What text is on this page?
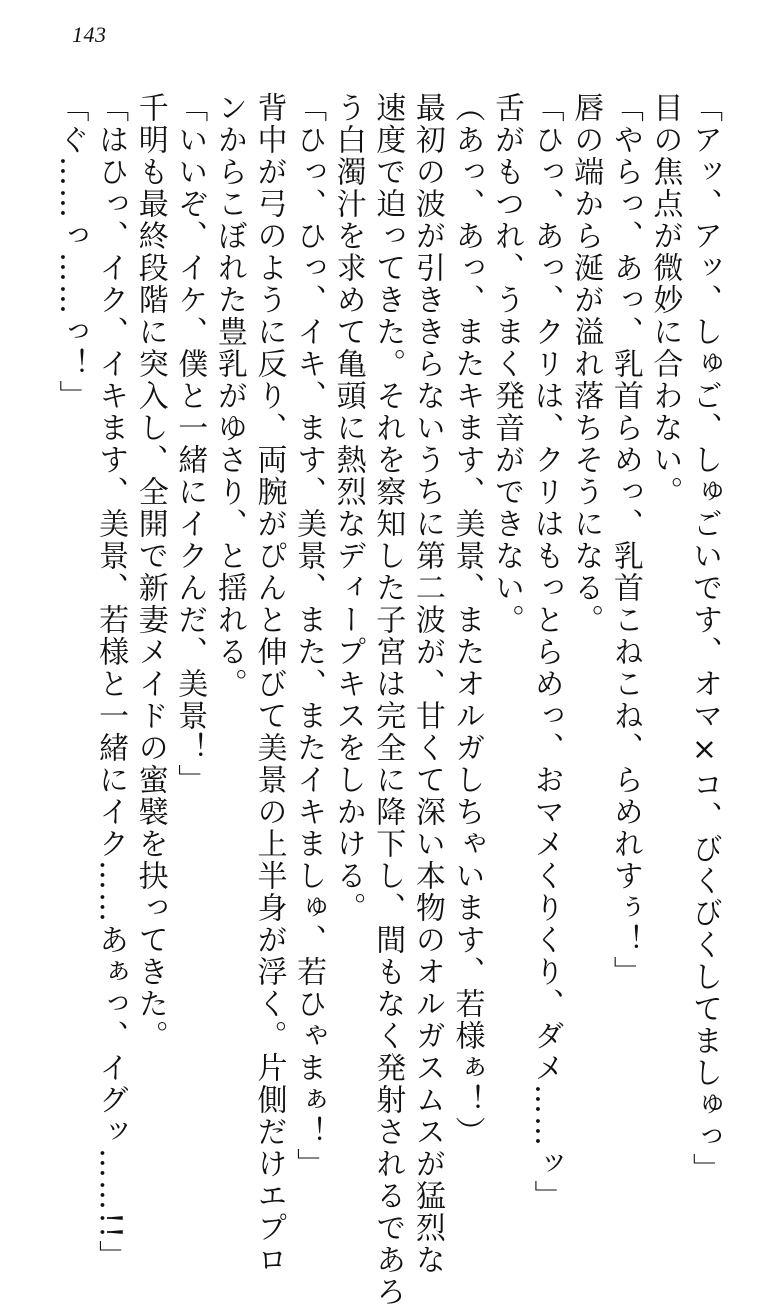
143
「アッ、アッ、しゅご、しゅごいです、オマ×コ、びくびくしてましゅっ」
目の焦点が微妙に合わない。
「やらっ、あっ、乳首らめっ、乳首こねこね、らめれすぅ！」
唇の端から涎が溢れ落ちそうになる。
「ひっ、あっ、クリは、クリはもっとらめっ、おマメくりくり、ダメ……ッ」
舌がもつれ、うまく発音ができない。
（あっ、あっ、またキます、美景、またオルガしちゃいます、若様ぁ！）
最初の波が引ききらないうちに第二波が、甘くて深い本物のオルガスムスが猛烈な
速度で迫ってきた。それを察知した子宮は完全に降下し、間もなく発射されるであろ
う白濁汁を求めて亀頭に熱烈なディープキスをしかける。
「ひっ、ひっ、イキ、ます、美景、また、またイキましゅ、若ひゃまぁ！」
背中が弓のように反り、両腕がぴんと伸びて美景の上半身が浮く。片側だけエプロ
ンからこぼれた豊乳がゆさり、と揺れる。
「いいぞ、イケ、僕と一緒にイクんだ、美景！」
千明も最終段階に突入し、全開で新妻メイドの蜜襞を抉ってきた。
「はひっ、イク、イキます、美景、若様と一緒にイク……あぁっ、イグッ……!!」
「ぐ……っ……っ！」
